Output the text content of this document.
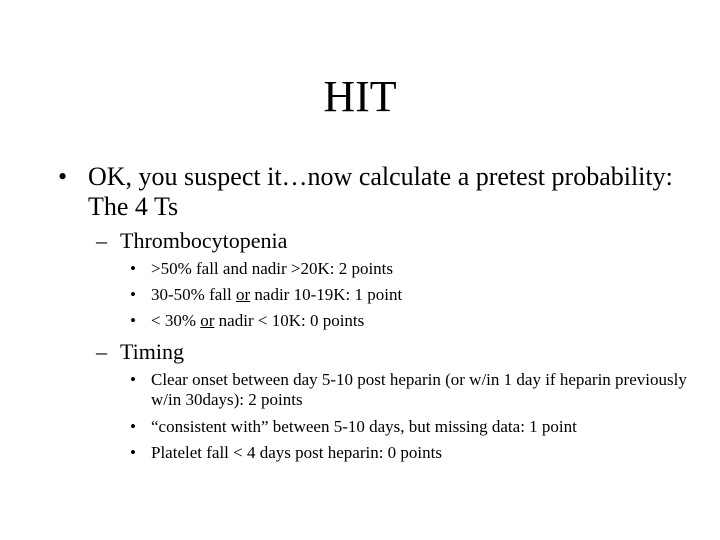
HIT
• OK, you suspect it…now calculate a pretest probability: The 4 Ts
– Thrombocytopenia
• >50% fall and nadir >20K: 2 points
• 30-50% fall or nadir 10-19K: 1 point
• < 30% or nadir < 10K: 0 points
– Timing
• Clear onset between day 5-10 post heparin (or w/in 1 day if heparin previously w/in 30days): 2 points
• “consistent with” between 5-10 days, but missing data: 1 point
• Platelet fall < 4 days post heparin: 0 points
